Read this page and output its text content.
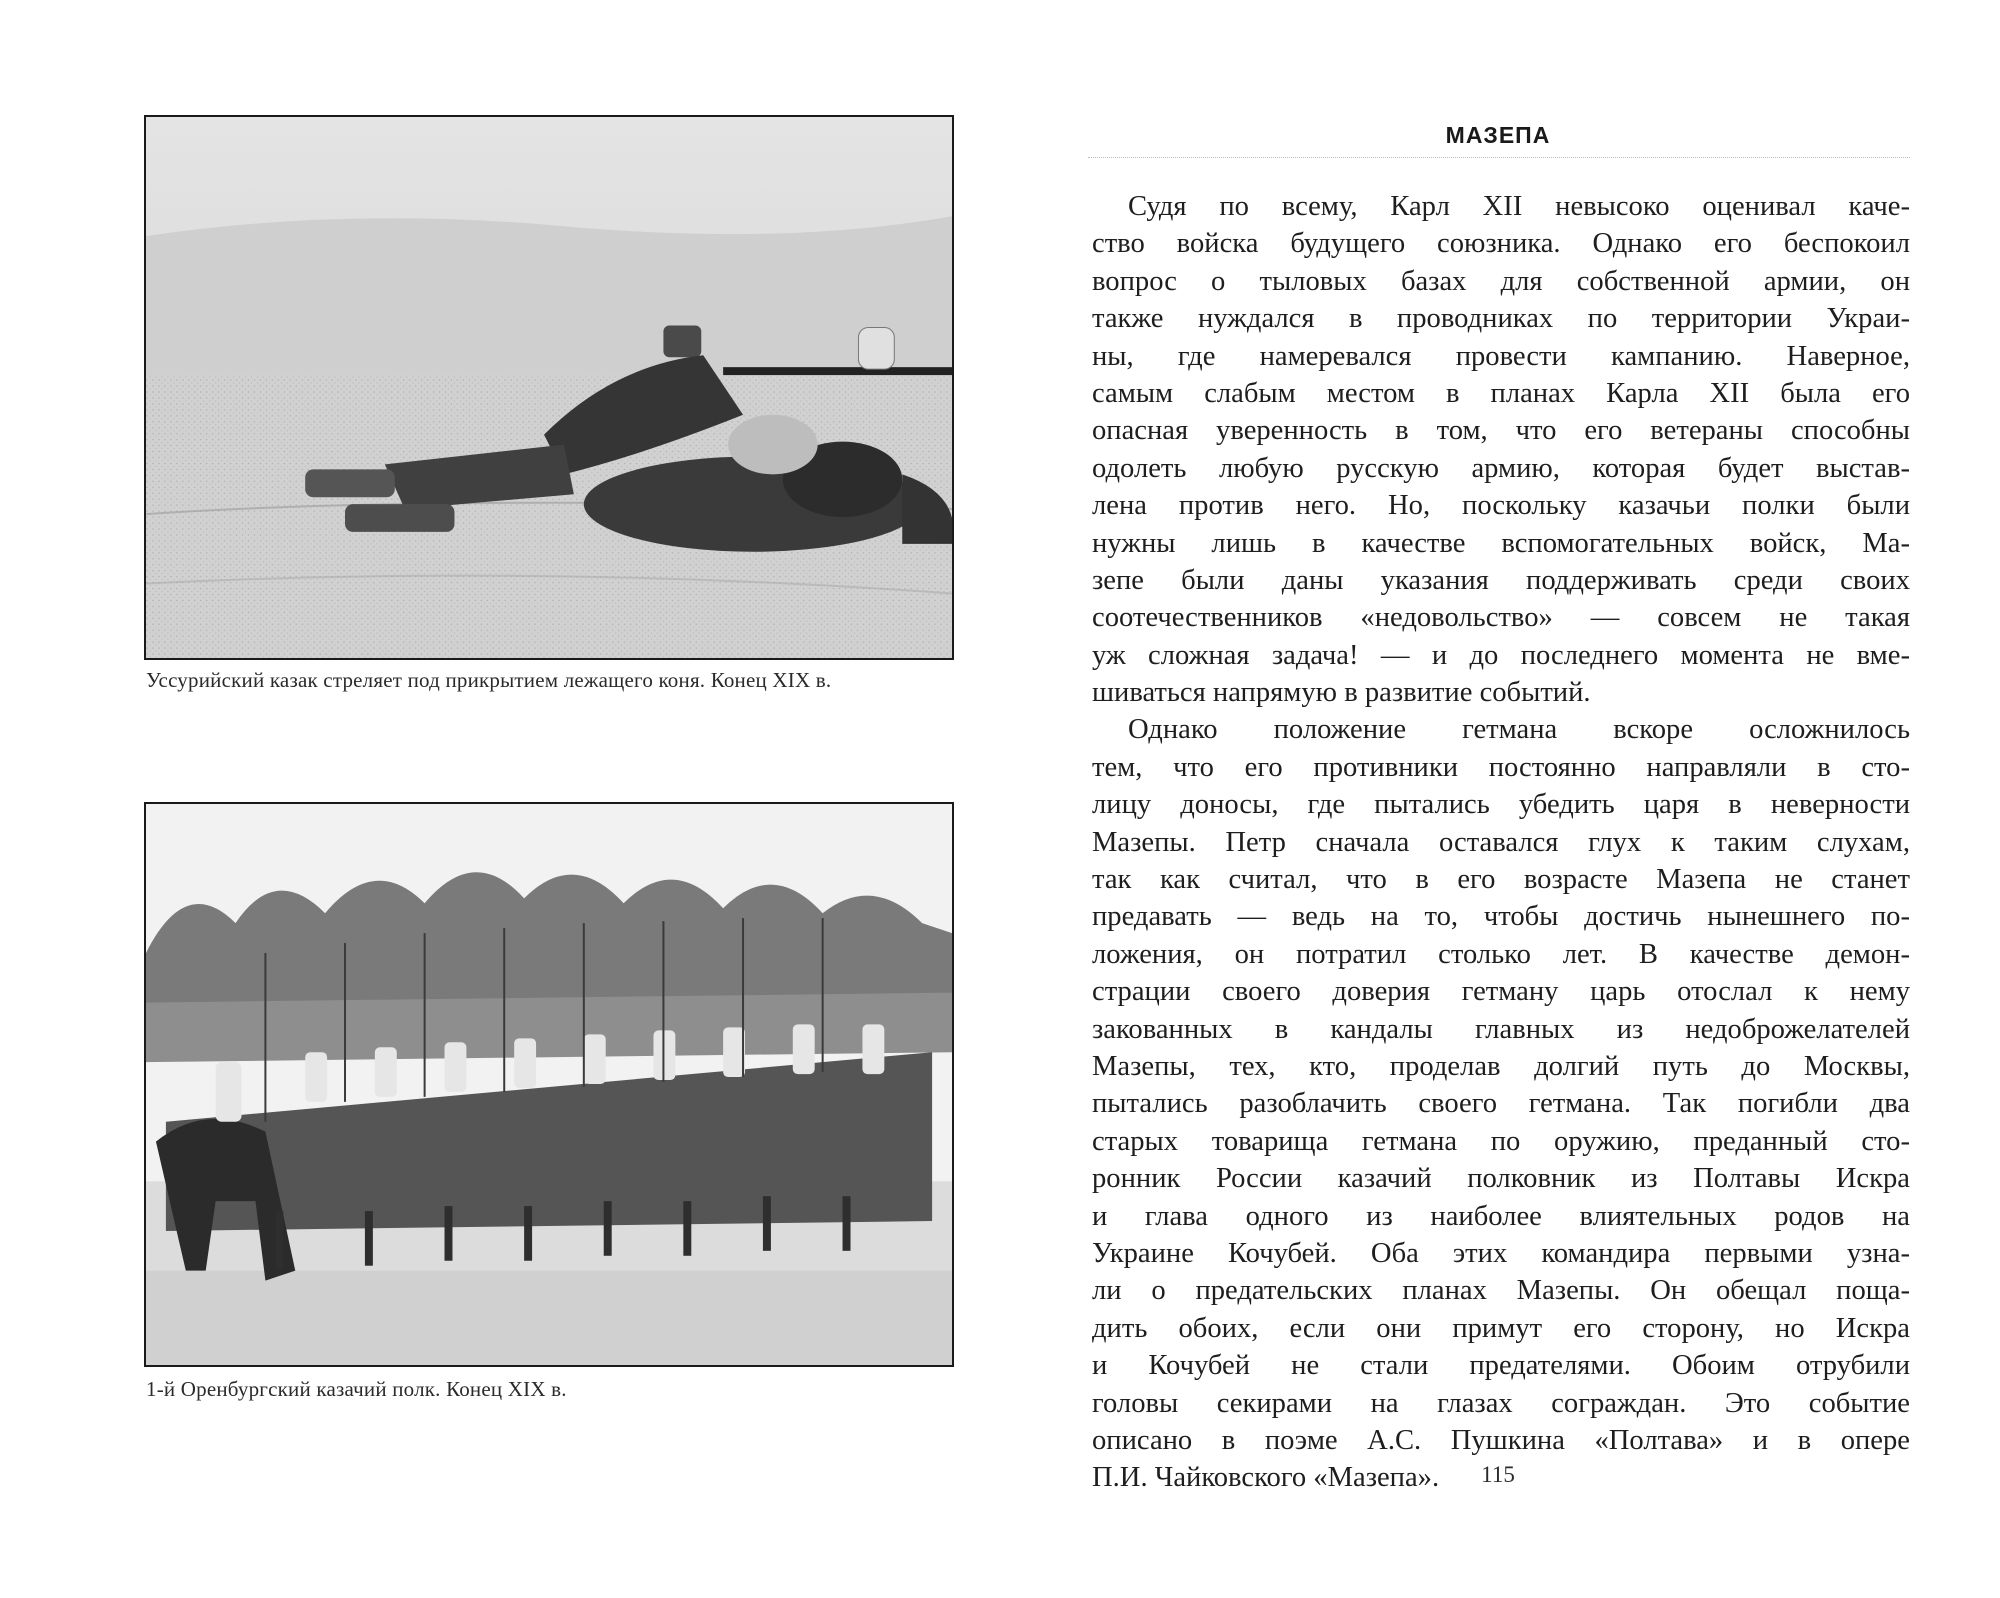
Уссурийский казак стреляет под прикрытием лежащего коня. Конец XIX в.
1-й Оренбургский казачий полк. Конец XIX в.
МАЗЕПА
Судя по всему, Карл XII невысоко оценивал каче-
ство войска будущего союзника. Однако его беспокоил
вопрос о тыловых базах для собственной армии, он
также нуждался в проводниках по территории Украи-
ны, где намеревался провести кампанию. Наверное,
самым слабым местом в планах Карла XII была его
опасная уверенность в том, что его ветераны способны
одолеть любую русскую армию, которая будет выстав-
лена против него. Но, поскольку казачьи полки были
нужны лишь в качестве вспомогательных войск, Ма-
зепе были даны указания поддерживать среди своих
соотечественников «недовольство» — совсем не такая
уж сложная задача! — и до последнего момента не вме-
шиваться напрямую в развитие событий.
Однако положение гетмана вскоре осложнилось
тем, что его противники постоянно направляли в сто-
лицу доносы, где пытались убедить царя в неверности
Мазепы. Петр сначала оставался глух к таким слухам,
так как считал, что в его возрасте Мазепа не станет
предавать — ведь на то, чтобы достичь нынешнего по-
ложения, он потратил столько лет. В качестве демон-
страции своего доверия гетману царь отослал к нему
закованных в кандалы главных из недоброжелателей
Мазепы, тех, кто, проделав долгий путь до Москвы,
пытались разоблачить своего гетмана. Так погибли два
старых товарища гетмана по оружию, преданный сто-
ронник России казачий полковник из Полтавы Искра
и глава одного из наиболее влиятельных родов на
Украине Кочубей. Оба этих командира первыми узна-
ли о предательских планах Мазепы. Он обещал поща-
дить обоих, если они примут его сторону, но Искра
и Кочубей не стали предателями. Обоим отрубили
головы секирами на глазах сограждан. Это событие
описано в поэме А.С. Пушкина «Полтава» и в опере
П.И. Чайковского «Мазепа».	115
